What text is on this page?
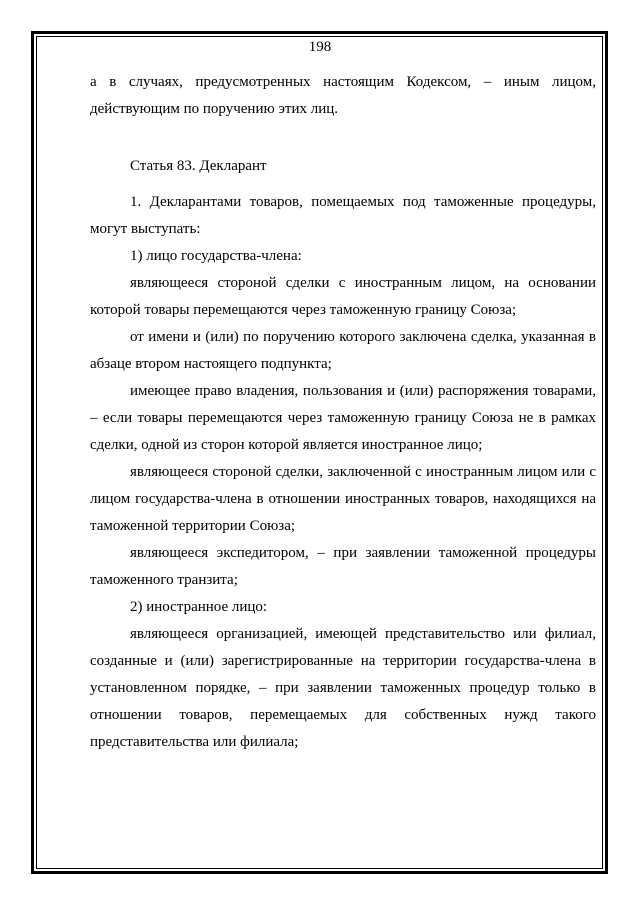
198

а в случаях, предусмотренных настоящим Кодексом, – иным лицом, действующим по поручению этих лиц.

Статья 83. Декларант

1. Декларантами товаров, помещаемых под таможенные процедуры, могут выступать:

1) лицо государства-члена:

являющееся стороной сделки с иностранным лицом, на основании которой товары перемещаются через таможенную границу Союза;

от имени и (или) по поручению которого заключена сделка, указанная в абзаце втором настоящего подпункта;

имеющее право владения, пользования и (или) распоряжения товарами, – если товары перемещаются через таможенную границу Союза не в рамках сделки, одной из сторон которой является иностранное лицо;

являющееся стороной сделки, заключенной с иностранным лицом или с лицом государства-члена в отношении иностранных товаров, находящихся на таможенной территории Союза;

являющееся экспедитором, – при заявлении таможенной процедуры таможенного транзита;

2) иностранное лицо:

являющееся организацией, имеющей представительство или филиал, созданные и (или) зарегистрированные на территории государства-члена в установленном порядке, – при заявлении таможенных процедур только в отношении товаров, перемещаемых для собственных нужд такого представительства или филиала;
